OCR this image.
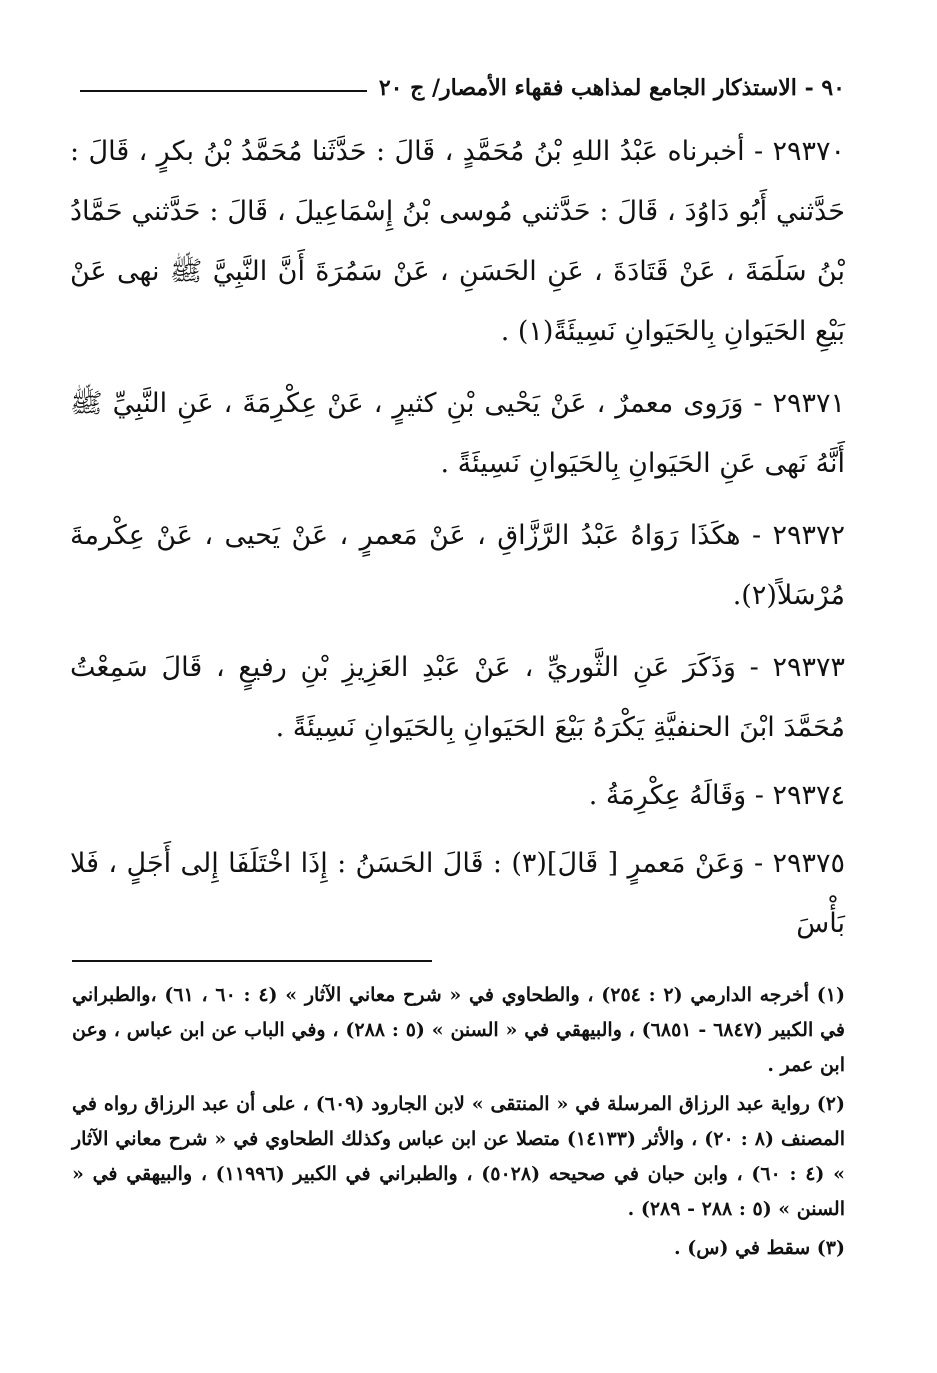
٩٠ - الاستذكار الجامع لمذاهب فقهاء الأمصار/ ج ٢٠

٢٩٣٧٠ - أخبرناه عَبْدُ اللهِ بْنُ مُحَمَّدٍ ، قَالَ : حَدَّثَنا مُحَمَّدُ بْنُ بكرٍ ، قَالَ : حَدَّثني أَبُو دَاوُدَ ، قَالَ : حَدَّثني مُوسى بْنُ إِسْمَاعِيلَ ، قَالَ : حَدَّثني حَمَّادُ بْنُ سَلَمَةَ ، عَنْ قَتَادَةَ ، عَنِ الحَسَنِ ، عَنْ سَمُرَةَ أَنَّ النَّبِيَّ ﷺ نهى عَنْ بَيْعِ الحَيَوانِ بِالحَيَوانِ نَسِيئَةً(١) .

٢٩٣٧١ - وَرَوى معمرٌ ، عَنْ يَحْيى بْنِ كثيرٍ ، عَنْ عِكْرِمَةَ ، عَنِ النَّبِيِّ ﷺ أَنَّهُ نَهى عَنِ الحَيَوانِ بِالحَيَوانِ نَسِيئَةً .

٢٩٣٧٢ - هكَذَا رَوَاهُ عَبْدُ الرَّزَّاقِ ، عَنْ مَعمرٍ ، عَنْ يَحيى ، عَنْ عِكْرمةَ مُرْسَلاً(٢).

٢٩٣٧٣ - وَذَكَرَ عَنِ الثَّوريِّ ، عَنْ عَبْدِ العَزِيزِ بْنِ رفيعٍ ، قَالَ سَمِعْتُ مُحَمَّدَ ابْنَ الحنفيَّةِ يَكْرَهُ بَيْعَ الحَيَوانِ بِالحَيَوانِ نَسِيئَةً .

٢٩٣٧٤ - وَقَالَهُ عِكْرِمَةُ .

٢٩٣٧٥ - وَعَنْ مَعمرٍ [ قَالَ](٣) : قَالَ الحَسَنُ : إِذَا اخْتَلَفَا إِلى أَجَلٍ ، فَلا بَأْسَ

(١) أخرجه الدارمي (٢ : ٢٥٤) ، والطحاوي في « شرح معاني الآثار » (٤ : ٦٠ ، ٦١) ،والطبراني في الكبير (٦٨٤٧ - ٦٨٥١) ، والبيهقي في « السنن » (٥ : ٢٨٨) ، وفي الباب عن ابن عباس ، وعن ابن عمر .

(٢) رواية عبد الرزاق المرسلة في « المنتقى » لابن الجارود (٦٠٩) ، على أن عبد الرزاق رواه في المصنف (٨ : ٢٠) ، والأثر (١٤١٣٣) متصلا عن ابن عباس وكذلك الطحاوي في « شرح معاني الآثار » (٤ : ٦٠) ، وابن حبان في صحيحه (٥٠٢٨) ، والطبراني في الكبير (١١٩٩٦) ، والبيهقي في « السنن » (٥ : ٢٨٨ - ٢٨٩) .

(٣) سقط في (س) .
